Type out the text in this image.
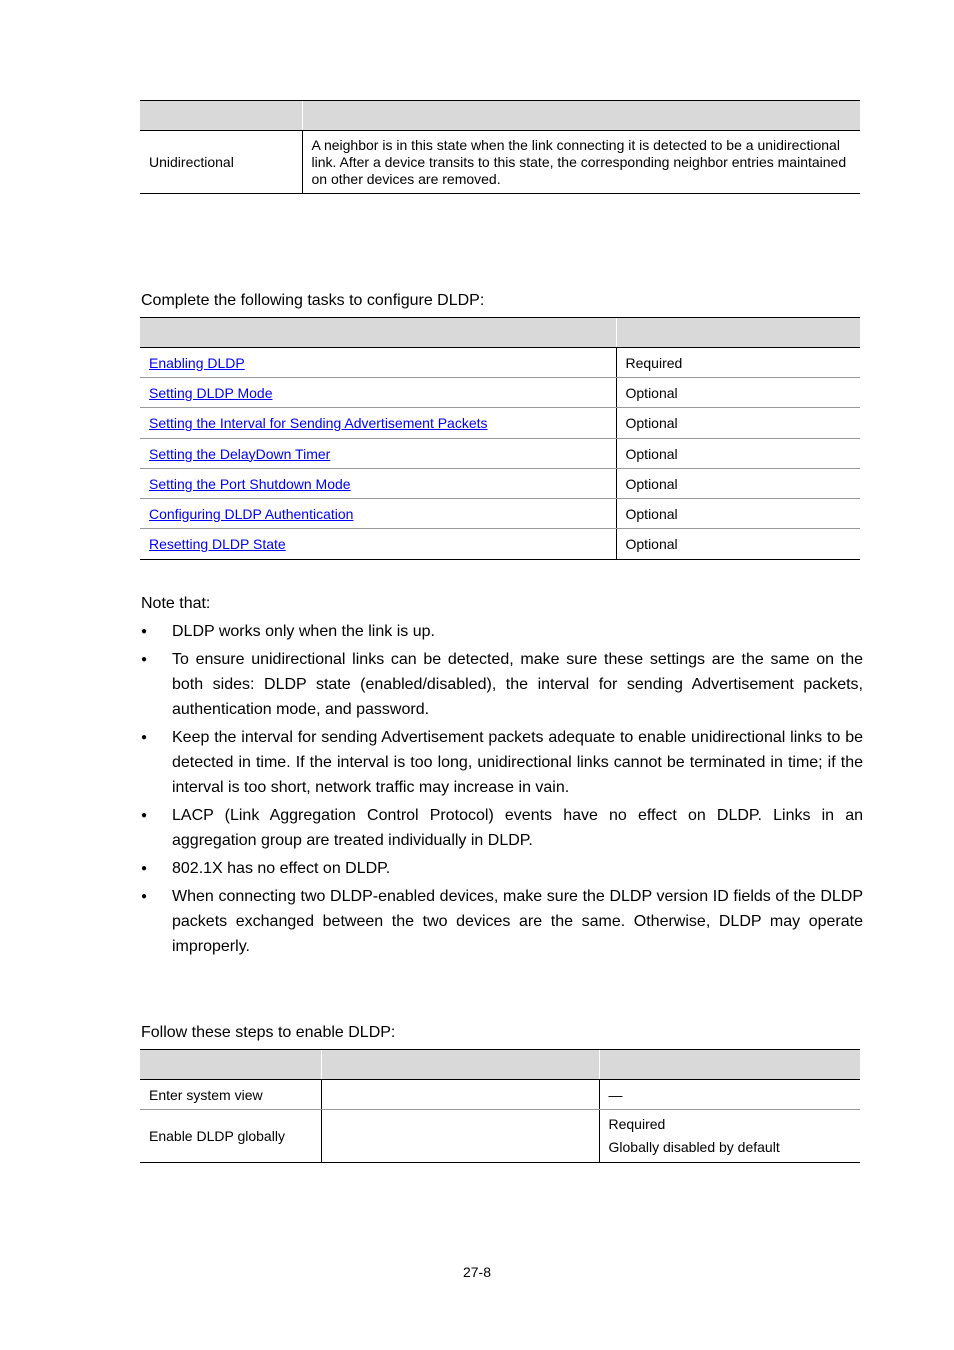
Unidirectional	A neighbor is in this state when the link connecting it is detected to be a unidirectional link. After a device transits to this state, the corresponding neighbor entries maintained on other devices are removed.

Complete the following tasks to configure DLDP:

Enabling DLDP	Required
Setting DLDP Mode	Optional
Setting the Interval for Sending Advertisement Packets	Optional
Setting the DelayDown Timer	Optional
Setting the Port Shutdown Mode	Optional
Configuring DLDP Authentication	Optional
Resetting DLDP State	Optional

Note that:

● DLDP works only when the link is up.
● To ensure unidirectional links can be detected, make sure these settings are the same on the both sides: DLDP state (enabled/disabled), the interval for sending Advertisement packets, authentication mode, and password.
● Keep the interval for sending Advertisement packets adequate to enable unidirectional links to be detected in time. If the interval is too long, unidirectional links cannot be terminated in time; if the interval is too short, network traffic may increase in vain.
● LACP (Link Aggregation Control Protocol) events have no effect on DLDP. Links in an aggregation group are treated individually in DLDP.
● 802.1X has no effect on DLDP.
● When connecting two DLDP-enabled devices, make sure the DLDP version ID fields of the DLDP packets exchanged between the two devices are the same. Otherwise, DLDP may operate improperly.

Follow these steps to enable DLDP:

Enter system view		—
Enable DLDP globally		Required
Globally disabled by default
27-8
